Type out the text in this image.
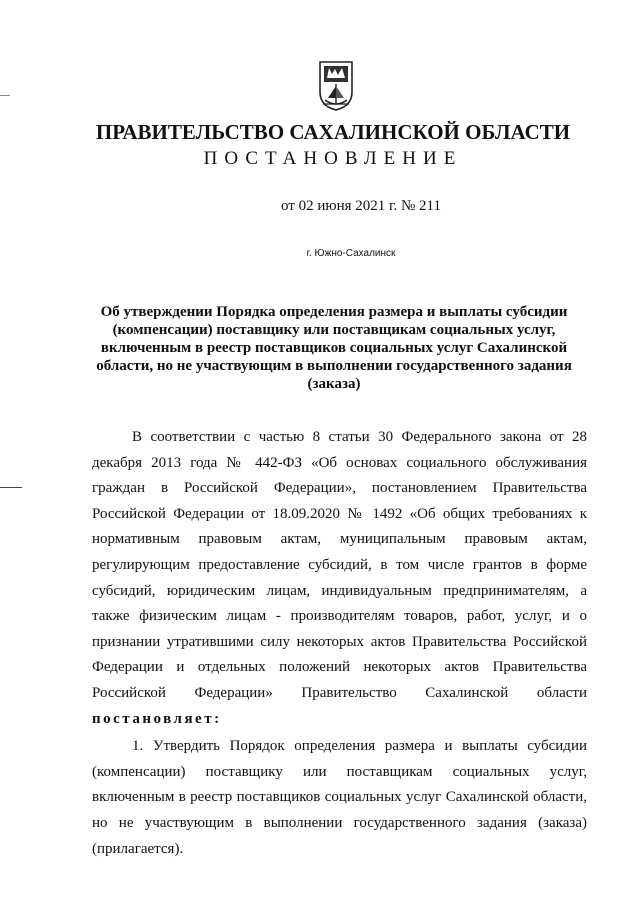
ПРАВИТЕЛЬСТВО САХАЛИНСКОЙ ОБЛАСТИ
ПОСТАНОВЛЕНИЕ
от 02 июня 2021 г. № 211
г. Южно-Сахалинск
Об утверждении Порядка определения размера и выплаты субсидии (компенсации) поставщику или поставщикам социальных услуг, включенным в реестр поставщиков социальных услуг Сахалинской области, но не участвующим в выполнении государственного задания (заказа)

В соответствии с частью 8 статьи 30 Федерального закона от 28 декабря 2013 года № 442-ФЗ «Об основах социального обслуживания граждан в Российской Федерации», постановлением Правительства Российской Федерации от 18.09.2020 № 1492 «Об общих требованиях к нормативным правовым актам, муниципальным правовым актам, регулирующим предоставление субсидий, в том числе грантов в форме субсидий, юридическим лицам, индивидуальным предпринимателям, а также физическим лицам - производителям товаров, работ, услуг, и о признании утратившими силу некоторых актов Правительства Российской Федерации и отдельных положений некоторых актов Правительства Российской Федерации» Правительство Сахалинской области постановляет:

1. Утвердить Порядок определения размера и выплаты субсидии (компенсации) поставщику или поставщикам социальных услуг, включенным в реестр поставщиков социальных услуг Сахалинской области, но не участвующим в выполнении государственного задания (заказа) (прилагается).
